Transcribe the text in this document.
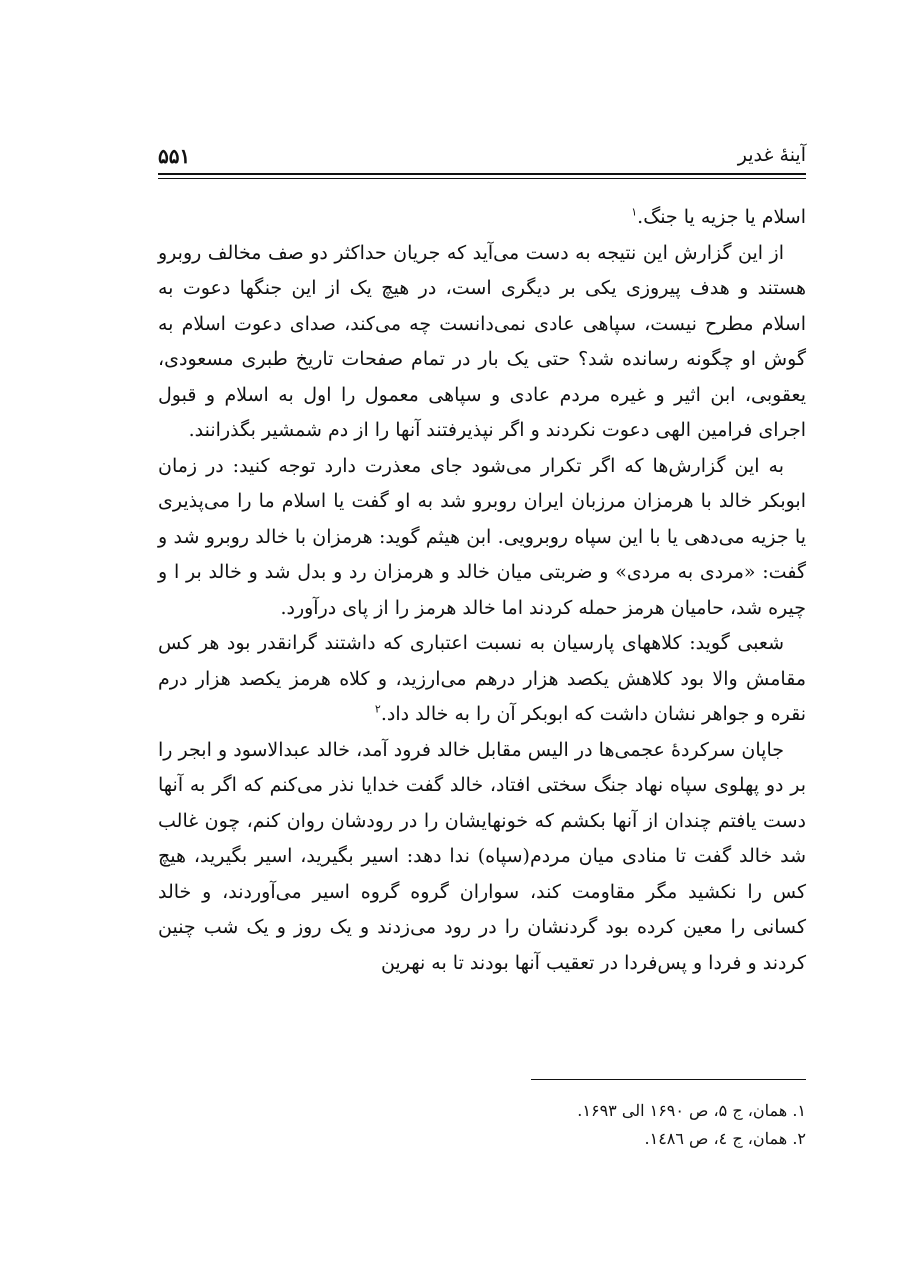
آینهٔ غدیر
۵۵۱

اسلام یا جزیه یا جنگ.$^۱$

از این گزارش این نتیجه به دست می‌آید که جریان حداکثر دو صف مخالف روبرو هستند و هدف پیروزی یکی بر دیگری است، در هیچ یک از این جنگها دعوت به اسلام مطرح نیست، سپاهی عادی نمی‌دانست چه می‌کند، صدای دعوت اسلام به گوش او چگونه رسانده شد؟ حتی یک بار در تمام صفحات تاریخ طبری مسعودی، یعقوبی، ابن اثیر و غیره مردم عادی و سپاهی معمول را اول به اسلام و قبول اجرای فرامین الهی دعوت نکردند و اگر نپذیرفتند آنها را از دم شمشیر بگذرانند.

به این گزارش‌ها که اگر تکرار می‌شود جای معذرت دارد توجه کنید: در زمان ابوبکر خالد با هرمزان مرزبان ایران روبرو شد به او گفت یا اسلام ما را می‌پذیری یا جزیه می‌دهی یا با این سپاه روبرویی. ابن هیثم گوید: هرمزان با خالد روبرو شد و گفت: «مردی به مردی» و ضربتی میان خالد و هرمزان رد و بدل شد و خالد بر ا و چیره شد، حامیان هرمز حمله کردند اما خالد هرمز را از پای درآورد.

شعبی گوید: کلاههای پارسیان به نسبت اعتباری که داشتند گرانقدر بود هر کس مقامش والا بود کلاهش یکصد هزار درهم می‌ارزید، و کلاه هرمز یکصد هزار درم نقره و جواهر نشان داشت که ابوبکر آن را به خالد داد.$^۲$

جاپان سرکردهٔ عجمی‌ها در الیس مقابل خالد فرود آمد، خالد عبدالاسود و ابجر را بر دو پهلوی سپاه نهاد جنگ سختی افتاد، خالد گفت خدایا نذر می‌کنم که اگر به آنها دست یافتم چندان از آنها بکشم که خونهایشان را در رودشان روان کنم، چون غالب شد خالد گفت تا منادی میان مردم(سپاه) ندا دهد: اسیر بگیرید، اسیر بگیرید، هیچ کس را نکشید مگر مقاومت کند، سواران گروه گروه اسیر می‌آوردند، و خالد کسانی را معین کرده بود گردنشان را در رود می‌زدند و یک روز و یک شب چنین کردند و فردا و پس‌فردا در تعقیب آنها بودند تا به نهرین

۱. همان، ج ۵، ص ۱۶۹۰ الی ۱۶۹۳.

۲. همان، ج ٤، ص ۱٤۸٦.
